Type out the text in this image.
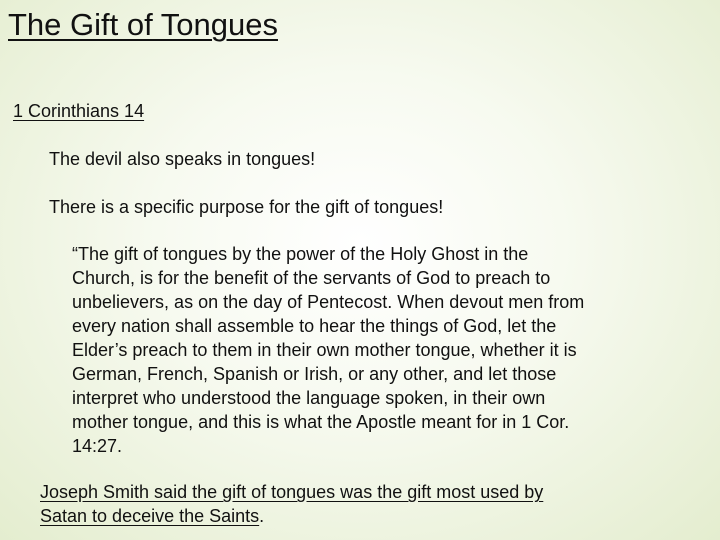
The Gift of Tongues
1 Corinthians 14
The devil also speaks in tongues!
There is a specific purpose for the gift of tongues!
“The gift of tongues by the power of the Holy Ghost in the
Church, is for the benefit of the servants of God to preach to
unbelievers, as on the day of Pentecost. When devout men from
every nation shall assemble to hear the things of God, let the
Elder’s preach to them in their own mother tongue, whether it is
German, French, Spanish or Irish, or any other, and let those
interpret who understood the language spoken, in their own
mother tongue, and this is what the Apostle meant for in 1 Cor.
14:27.
Joseph Smith said the gift of tongues was the gift most used by
Satan to deceive the Saints.
